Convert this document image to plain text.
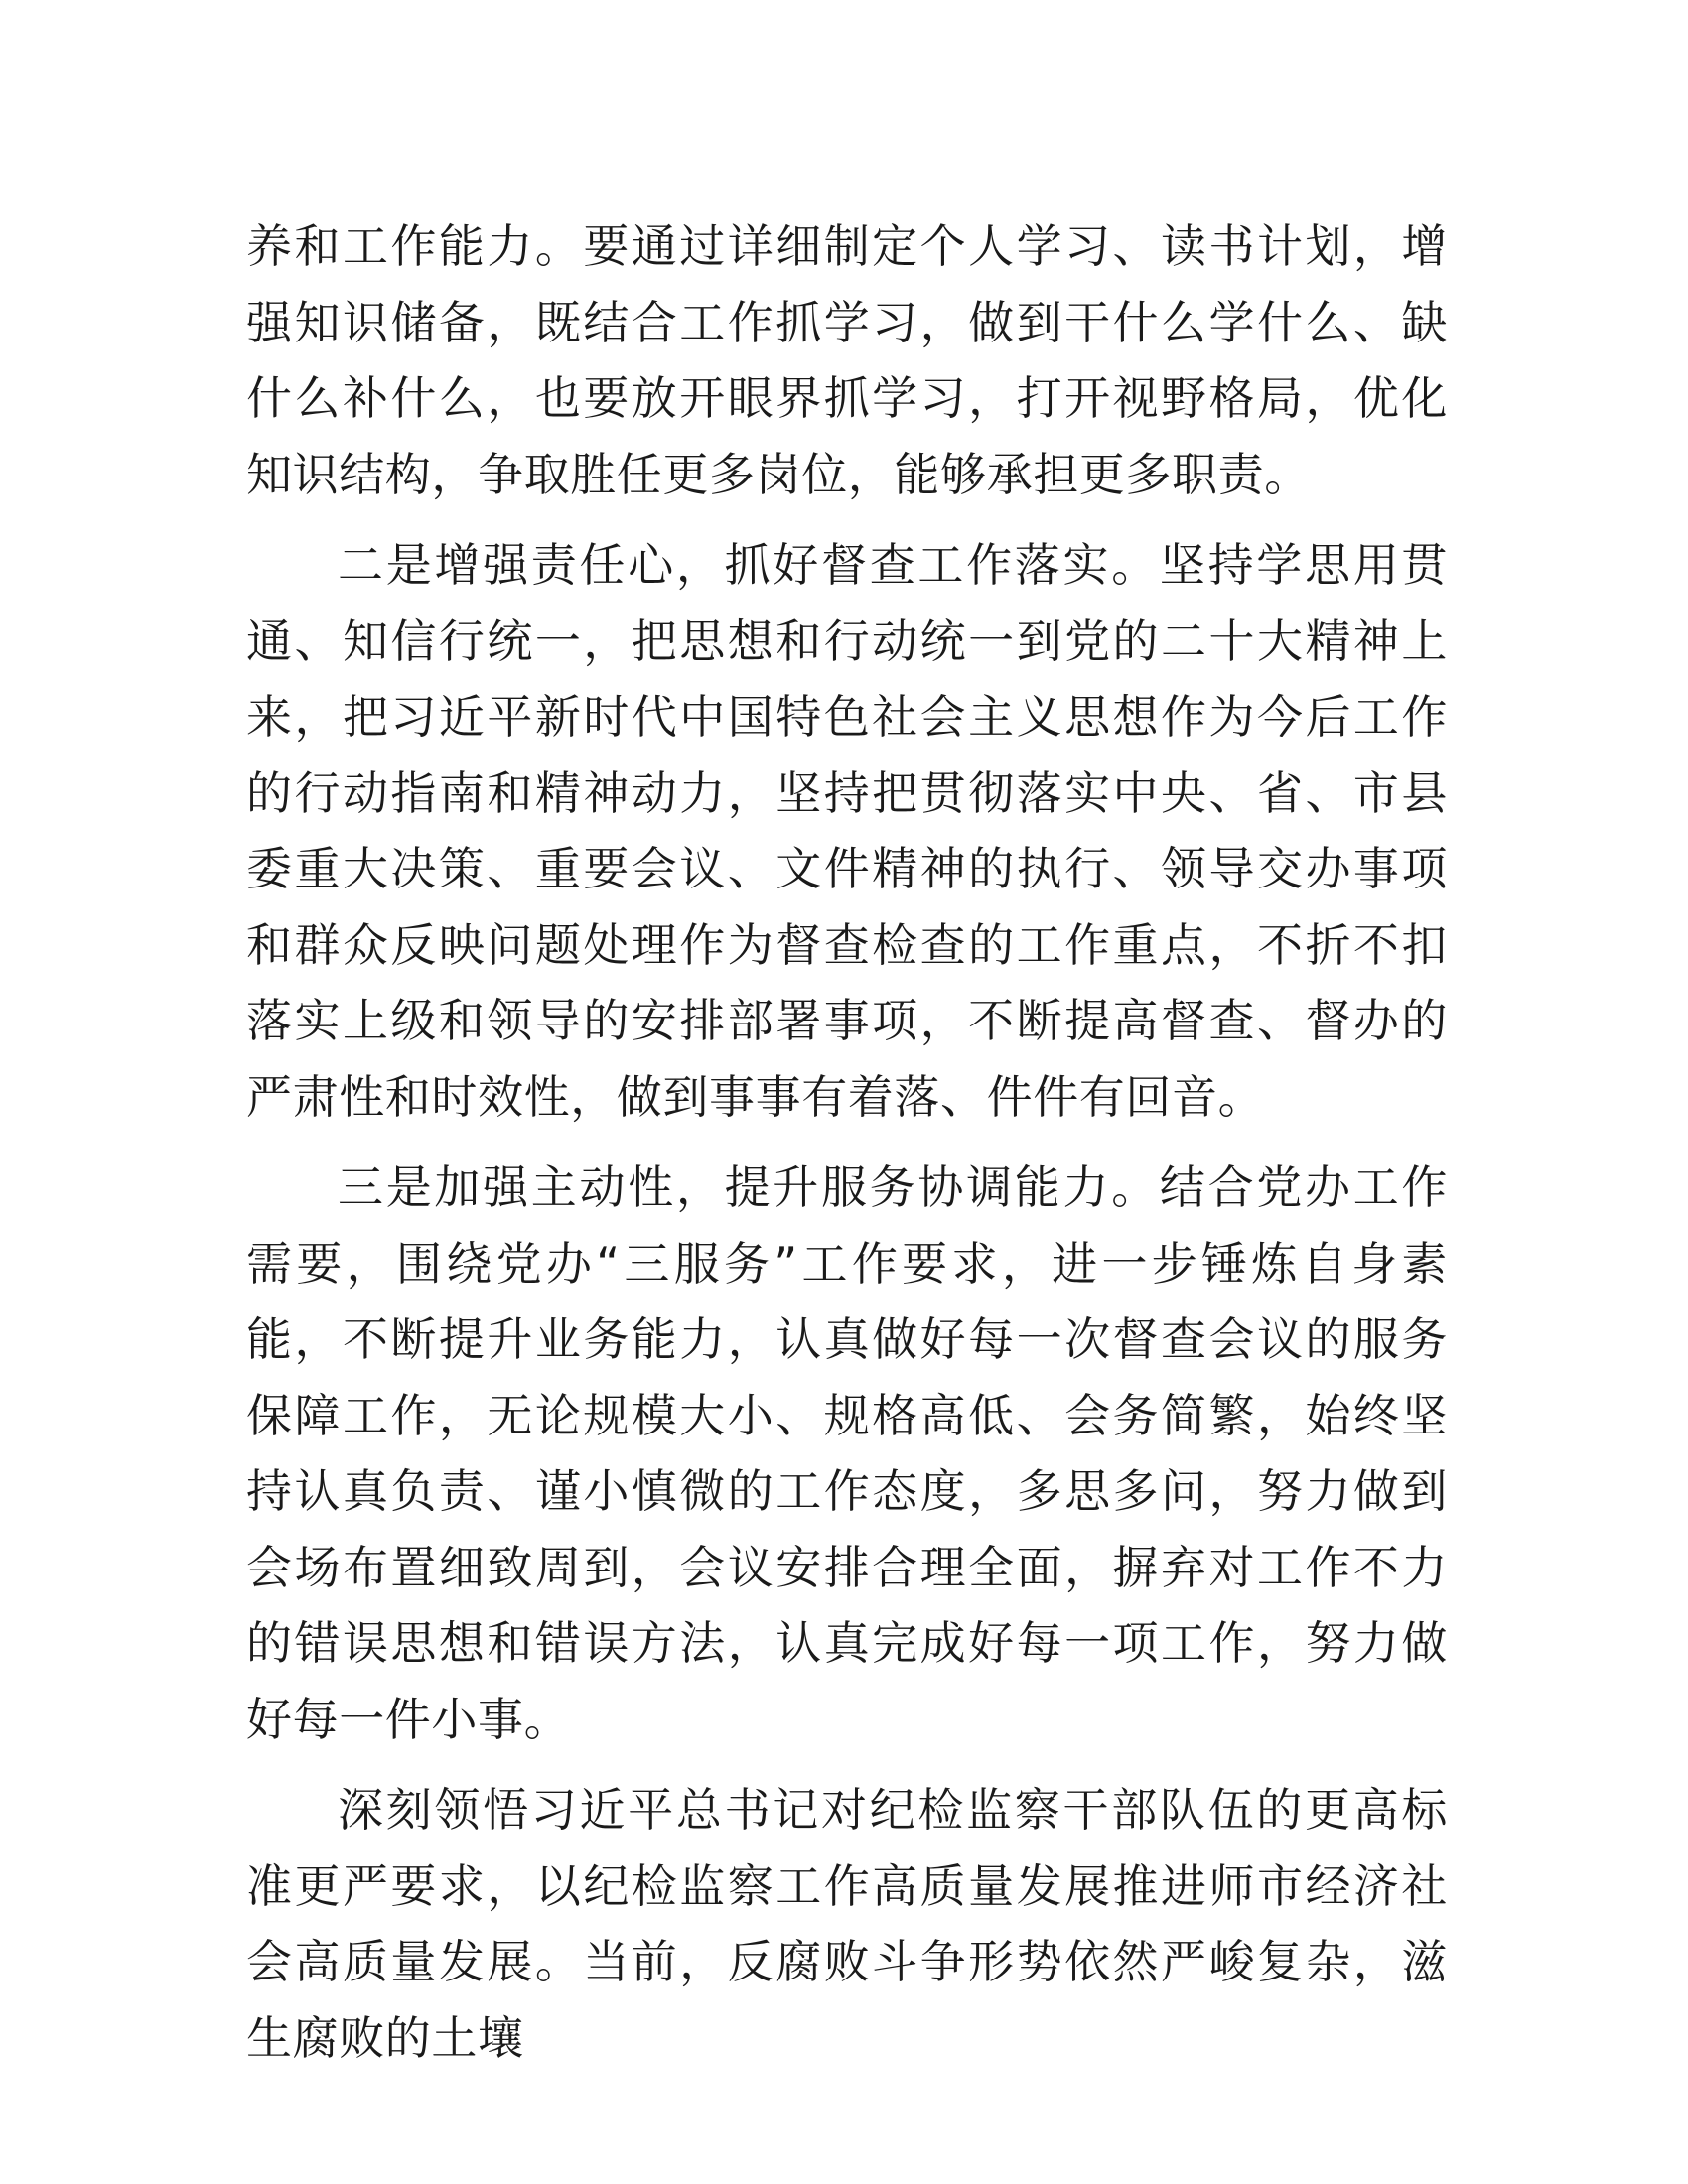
养和工作能力。要通过详细制定个人学习、读书计划，增强知识储备，既结合工作抓学习，做到干什么学什么、缺什么补什么，也要放开眼界抓学习，打开视野格局，优化知识结构，争取胜任更多岗位，能够承担更多职责。

二是增强责任心，抓好督查工作落实。坚持学思用贯通、知信行统一，把思想和行动统一到党的二十大精神上来，把习近平新时代中国特色社会主义思想作为今后工作的行动指南和精神动力，坚持把贯彻落实中央、省、市县委重大决策、重要会议、文件精神的执行、领导交办事项和群众反映问题处理作为督查检查的工作重点，不折不扣落实上级和领导的安排部署事项，不断提高督查、督办的严肃性和时效性，做到事事有着落、件件有回音。

三是加强主动性，提升服务协调能力。结合党办工作需要，围绕党办“三服务”工作要求，进一步锤炼自身素能，不断提升业务能力，认真做好每一次督查会议的服务保障工作，无论规模大小、规格高低、会务简繁，始终坚持认真负责、谨小慎微的工作态度，多思多问，努力做到会场布置细致周到，会议安排合理全面，摒弃对工作不力的错误思想和错误方法，认真完成好每一项工作，努力做好每一件小事。

深刻领悟习近平总书记对纪检监察干部队伍的更高标准更严要求，以纪检监察工作高质量发展推进师市经济社会高质量发展。当前，反腐败斗争形势依然严峻复杂，滋生腐败的土壤
